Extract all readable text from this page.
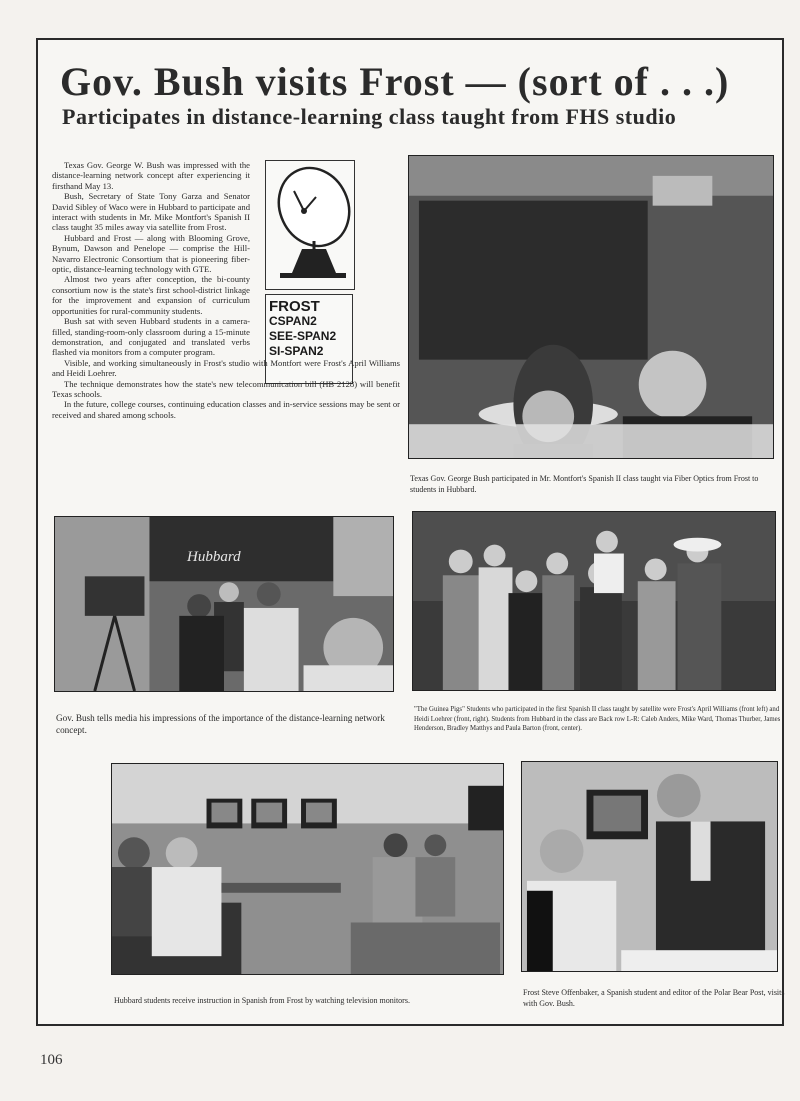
Gov. Bush visits Frost — (sort of . . .)
Participates in distance-learning class taught from FHS studio
FROST
CSPAN2
SEE-SPAN2
SI-SPAN2

Texas Gov. George W. Bush was impressed with the distance-learning network concept after experiencing it firsthand May 13.

Bush, Secretary of State Tony Garza and Senator David Sibley of Waco were in Hubbard to participate and interact with students in Mr. Mike Montfort's Spanish II class taught 35 miles away via satellite from Frost.

Hubbard and Frost — along with Blooming Grove, Bynum, Dawson and Penelope — comprise the Hill-Navarro Electronic Consortium that is pioneering fiber-optic, distance-learning technology with GTE.

Almost two years after conception, the bi-county consortium now is the state's first school-district linkage for the improvement and expansion of curriculum opportunities for rural-community students.

Bush sat with seven Hubbard students in a camera-filled, standing-room-only classroom during a 15-minute demonstration, and conjugated and translated verbs flashed via monitors from a computer program.

Visible, and working simultaneously in Frost's studio with Montfort were Frost's April Williams and Heidi Loehrer.

The technique demonstrates how the state's new telecommunication bill (HB 2128) will benefit Texas schools.

In the future, college courses, continuing education classes and in-service sessions may be sent or received and shared among schools.

Texas Gov. George Bush participated in Mr. Montfort's Spanish II class taught via Fiber Optics from Frost to students in Hubbard.
Hubbard
Gov. Bush tells media his impressions of the importance of the distance-learning network concept.
"The Guinea Pigs" Students who participated in the first Spanish II class taught by satellite were Frost's April Williams (front left) and Heidi Loehrer (front, right). Students from Hubbard in the class are Back row L-R: Caleb Anders, Mike Ward, Thomas Thurber, James Henderson, Bradley Matthys and Paula Barton (front, center).
Hubbard students receive instruction in Spanish from Frost by watching television monitors.
Frost Steve Offenbaker, a Spanish student and editor of the Polar Bear Post, visits with Gov. Bush.
106
